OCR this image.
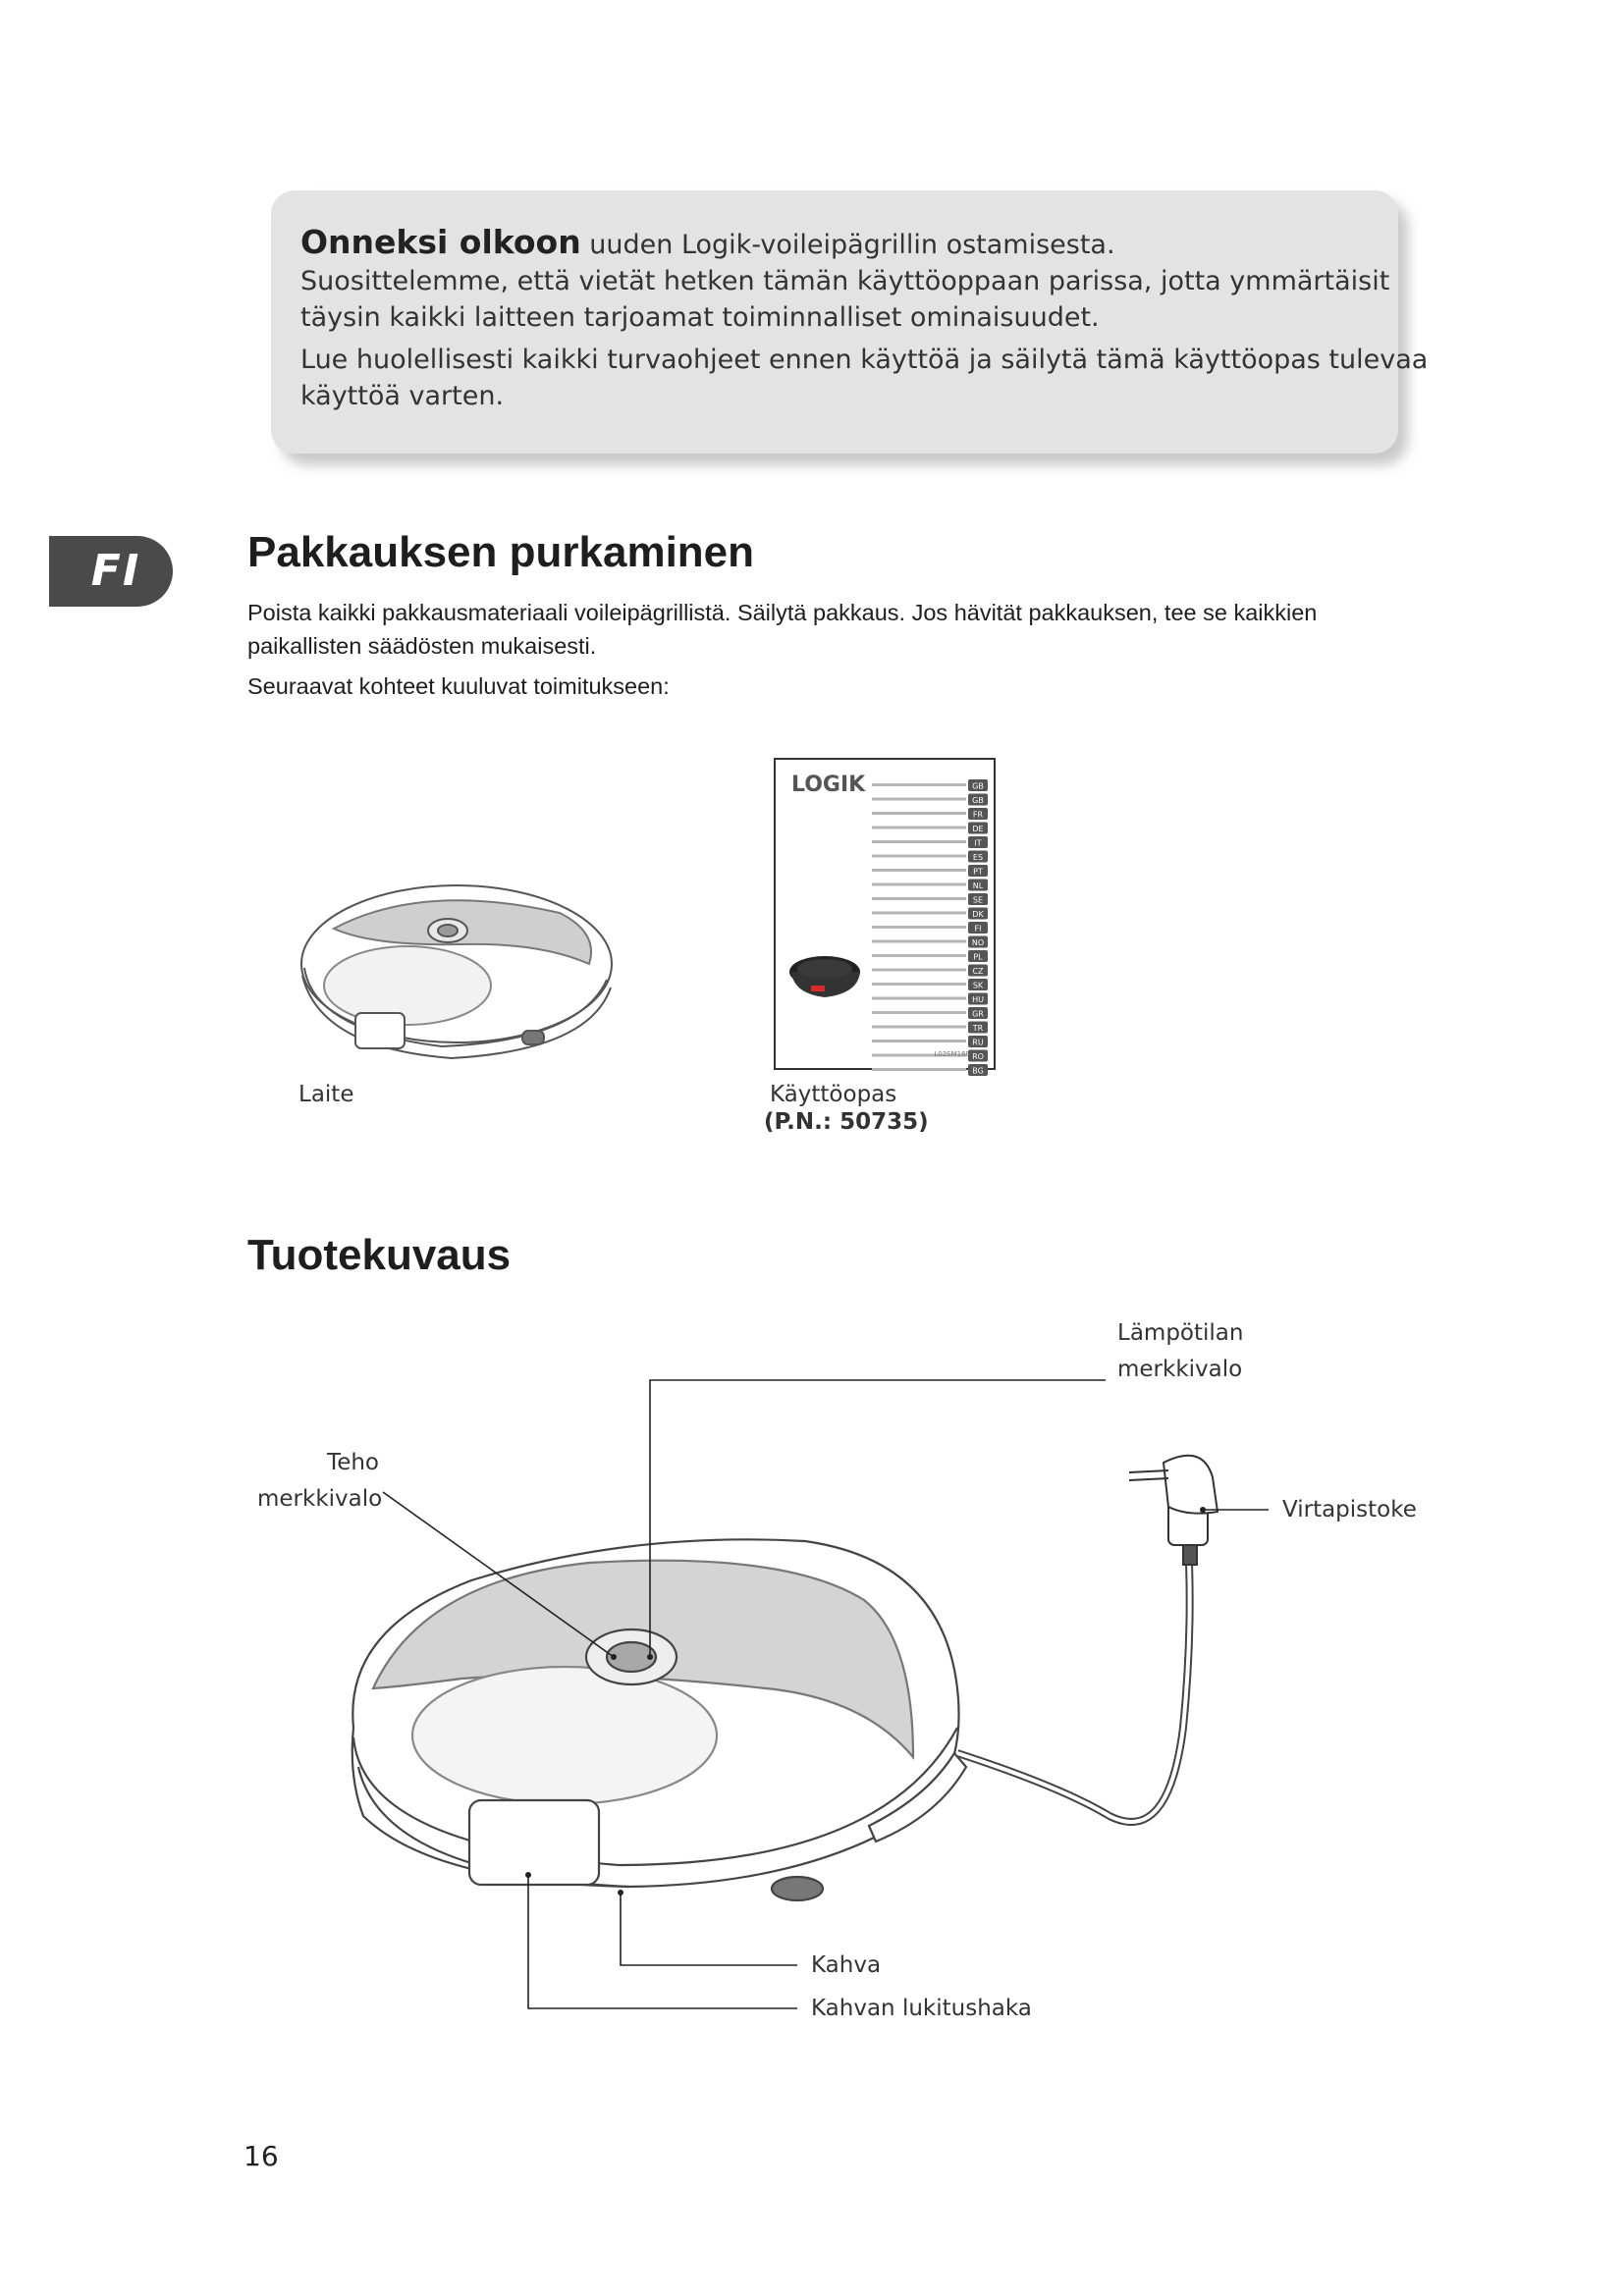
Onneksi olkoon uuden Logik-voileipägrillin ostamisesta.
Suosittelemme, että vietät hetken tämän käyttöoppaan parissa, jotta ymmärtäisit
täysin kaikki laitteen tarjoamat toiminnalliset ominaisuudet.
Lue huolellisesti kaikki turvaohjeet ennen käyttöä ja säilytä tämä käyttöopas tulevaa
käyttöä varten.
FI	Pakkauksen purkaminen
Poista kaikki pakkausmateriaali voileipägrillistä. Säilytä pakkaus. Jos hävität pakkauksen, tee se kaikkien
paikallisten säädösten mukaisesti.
Seuraavat kohteet kuuluvat toimitukseen:
Laite
LOGIK	GB
GB
FR
DE
IT
ES
PT
NL
SE
DK
FI
NO
PL
CZ
SK
HU
GR
TR
RU
RO
BG
L02SM16E
Käyttöopas
(P.N.: 50735)
Tuotekuvaus
Lämpötilan
merkkivalo
Teho
merkkivalo	Virtapistoke
Kahva
Kahvan lukitushaka
16
